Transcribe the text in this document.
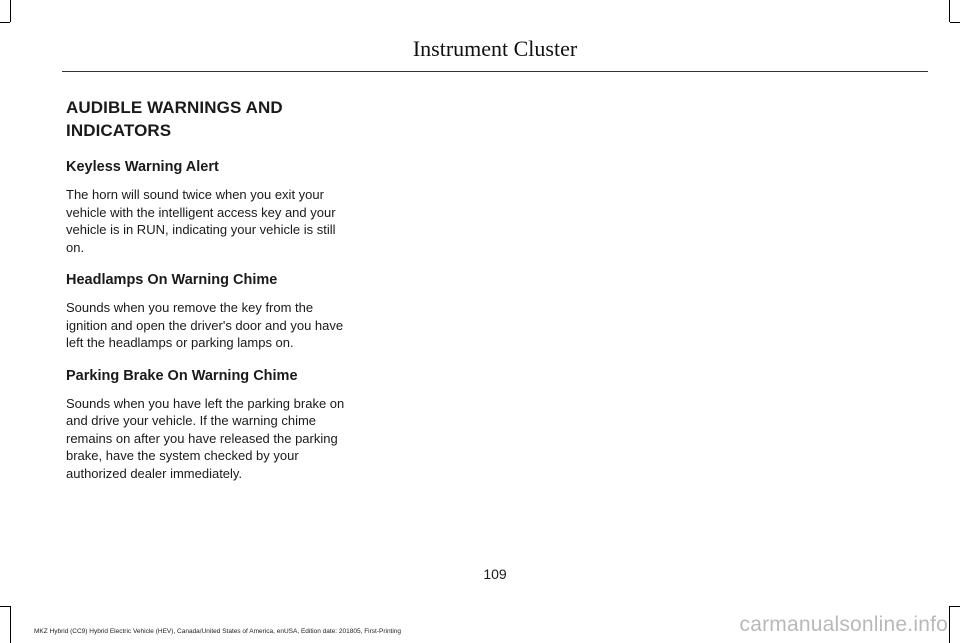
Instrument Cluster
AUDIBLE WARNINGS AND
INDICATORS
Keyless Warning Alert

The horn will sound twice when you exit your vehicle with the intelligent access key and your vehicle is in RUN, indicating your vehicle is still on.

Headlamps On Warning Chime

Sounds when you remove the key from the ignition and open the driver's door and you have left the headlamps or parking lamps on.

Parking Brake On Warning Chime

Sounds when you have left the parking brake on and drive your vehicle. If the warning chime remains on after you have released the parking brake, have the system checked by your authorized dealer immediately.

109
MKZ Hybrid (CC9) Hybrid Electric Vehicle (HEV), Canada/United States of America, enUSA, Edition date: 201805, First-Printing	carmanualsonline.info
